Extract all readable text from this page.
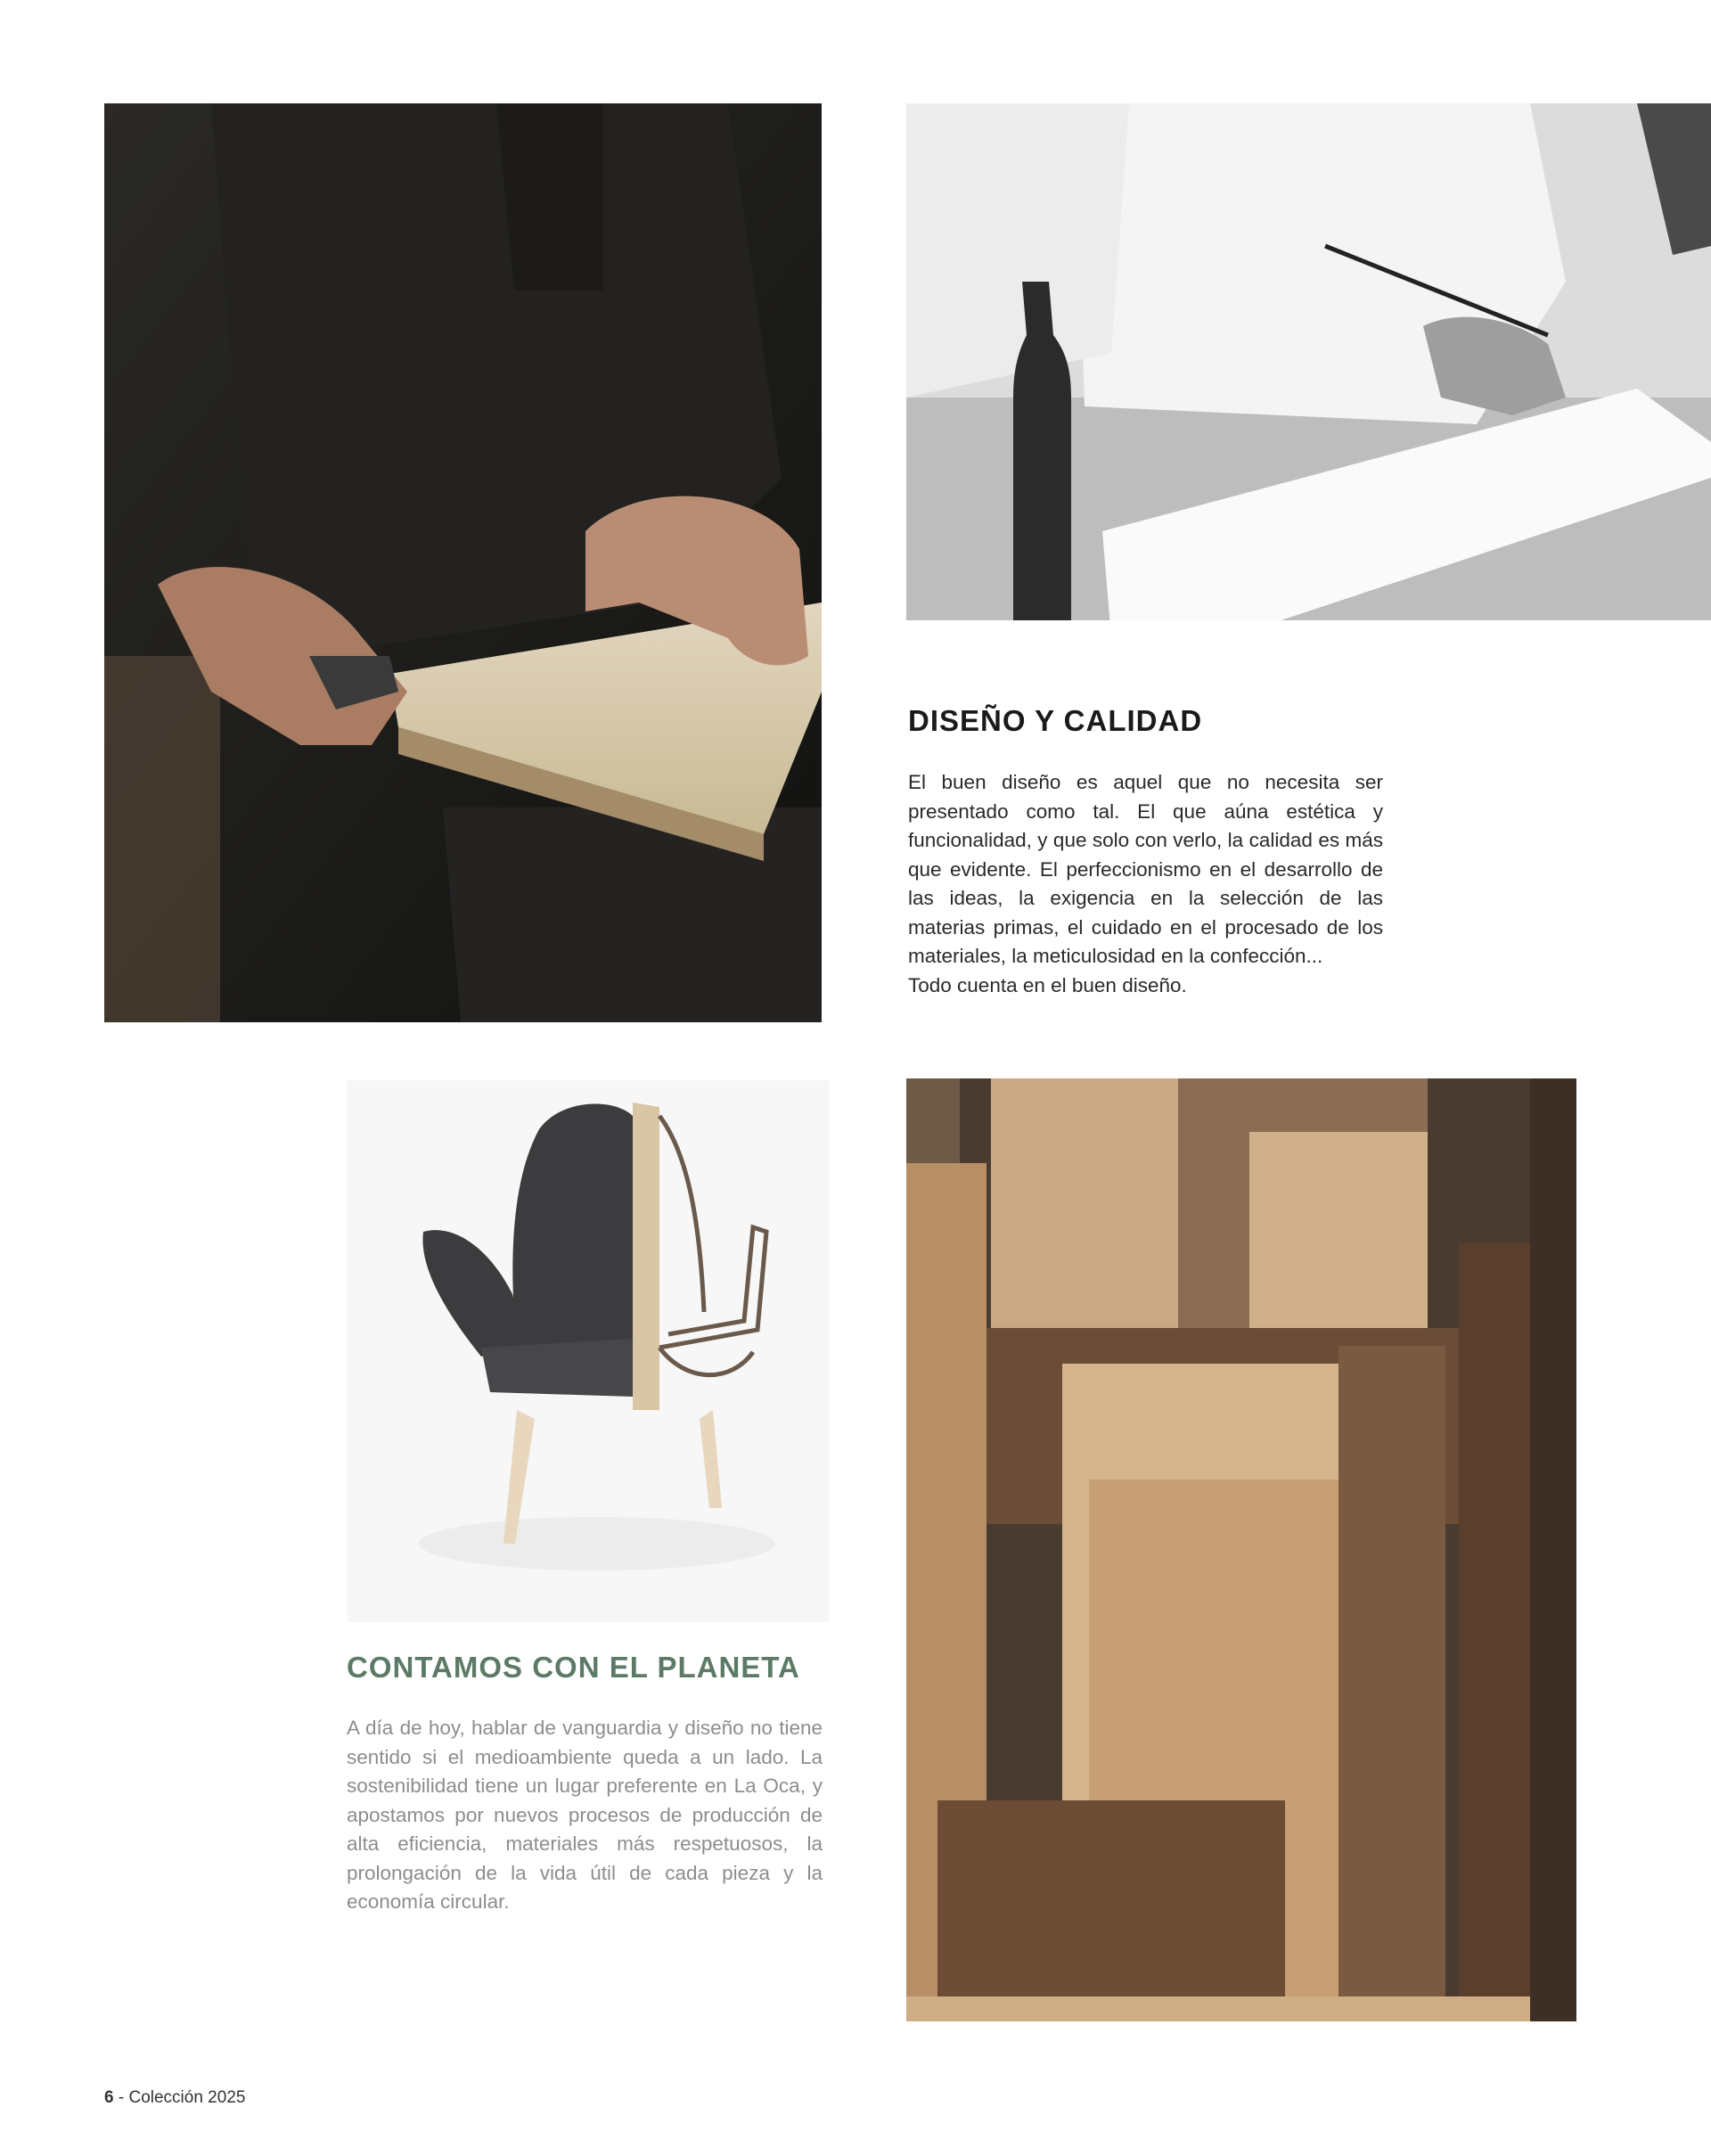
DISEÑO Y CALIDAD
El buen diseño es aquel que no necesita ser presentado como tal. El que aúna estética y funcionalidad, y que solo con verlo, la calidad es más que evidente. El perfeccionismo en el desarrollo de las ideas, la exigencia en la selección de las materias primas, el cuidado en el procesado de los materiales, la meticulosidad en la confección...
Todo cuenta en el buen diseño.
CONTAMOS CON EL PLANETA

A día de hoy, hablar de vanguardia y diseño no tiene sentido si el medioambiente queda a un lado. La sostenibilidad tiene un lugar preferente en La Oca, y apostamos por nuevos procesos de producción de alta eficiencia, materiales más respetuosos, la prolongación de la vida útil de cada pieza y la economía circular.

6 - Colección 2025
